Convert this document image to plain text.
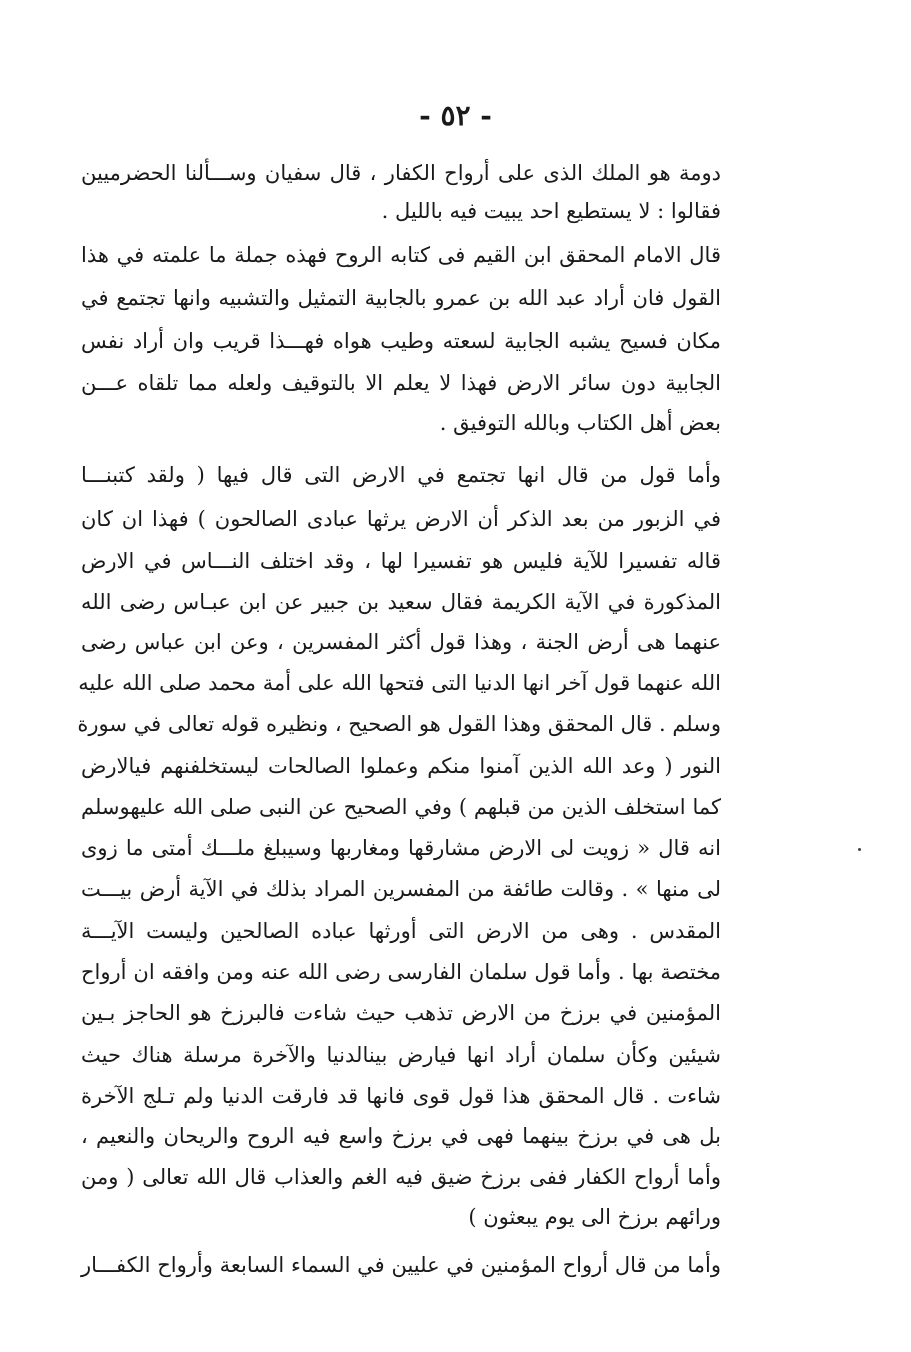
- ٥٢ -
دومة هو الملك الذى على أرواح الكفار ، قال سفيان وســـألنا الحضرميين
فقالوا : لا يستطيع احد يبيت فيه بالليل .
قال الامام المحقق ابن القيم فى كتابه الروح فهذه جملة ما علمته في هذا
القول فان أراد عبد الله بن عمرو بالجابية التمثيل والتشبيه وانها تجتمع في
مكان فسيح يشبه الجابية لسعته وطيب هواه فهـــذا قريب وان أراد نفس
الجابية دون سائر الارض فهذا لا يعلم الا بالتوقيف ولعله مما تلقاه عـــن
بعض أهل الكتاب وبالله التوفيق .
وأما قول من قال انها تجتمع في الارض التى قال فيها ( ولقد كتبنـــا
في الزبور من بعد الذكر أن الارض يرثها عبادى الصالحون ) فهذا ان كان
قاله تفسيرا للآية فليس هو تفسيرا لها ، وقد اختلف النـــاس في الارض
المذكورة في الآية الكريمة فقال سعيد بن جبير عن ابن عبـاس رضى الله
عنهما هى أرض الجنة ، وهذا قول أكثر المفسرين ، وعن ابن عباس رضى
الله عنهما قول آخر انها الدنيا التى فتحها الله على أمة محمد صلى الله عليه
وسلم . قال المحقق وهذا القول هو الصحيح ، ونظيره قوله تعالى في سورة
النور ( وعد الله الذين آمنوا منكم وعملوا الصالحات ليستخلفنهم فيالارض
كما استخلف الذين من قبلهم ) وفي الصحيح عن النبى صلى الله عليهوسلم
انه قال « زويت لى الارض مشارقها ومغاربها وسيبلغ ملـــك أمتى ما زوى
لى منها » . وقالت طائفة من المفسرين المراد بذلك في الآية أرض بيـــت
المقدس . وهى من الارض التى أورثها عباده الصالحين وليست الآيـــة
مختصة بها . وأما قول سلمان الفارسى رضى الله عنه ومن وافقه ان أرواح
المؤمنين في برزخ من الارض تذهب حيث شاءت فالبرزخ هو الحاجز بـين
شيئين وكأن سلمان أراد انها فيارض بينالدنيا والآخرة مرسلة هناك حيث
شاءت . قال المحقق هذا قول قوى فانها قد فارقت الدنيا ولم تـلج الآخرة
بل هى في برزخ بينهما فهى في برزخ واسع فيه الروح والريحان والنعيم ،
وأما أرواح الكفار ففى برزخ ضيق فيه الغم والعذاب قال الله تعالى ( ومن
ورائهم برزخ الى يوم يبعثون )
وأما من قال أرواح المؤمنين في عليين في السماء السابعة وأرواح الكفـــار
